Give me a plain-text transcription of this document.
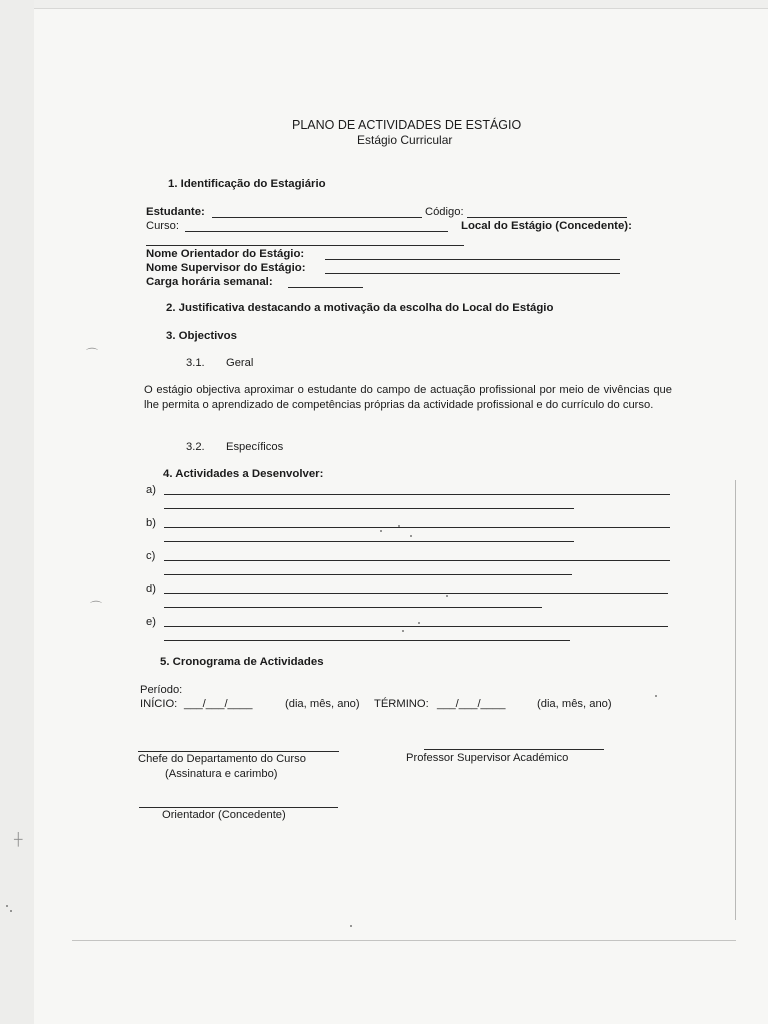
PLANO DE ACTIVIDADES DE ESTÁGIO
Estágio Curricular
1. Identificação do Estagiário
Estudante:	Código:
Curso:	Local do Estágio (Concedente):
Nome Orientador do Estágio:
Nome Supervisor do Estágio:
Carga horária semanal:
2. Justificativa destacando a motivação da escolha do Local do Estágio
3. Objectivos
3.1. Geral
O estágio objectiva aproximar o estudante do campo de actuação profissional por meio de vivências que lhe permita o aprendizado de competências próprias da actividade profissional e do currículo do curso.
3.2. Específicos
4. Actividades a Desenvolver:
a)
b)
c)
d)
e)
5. Cronograma de Actividades
Período:
INÍCIO: ___/___/____	(dia, mês, ano) TÉRMINO: ___/___/____	(dia, mês, ano)
Chefe do Departamento do Curso
(Assinatura e carimbo)
Professor Supervisor Académico
Orientador (Concedente)
⌒
⌒
┼
